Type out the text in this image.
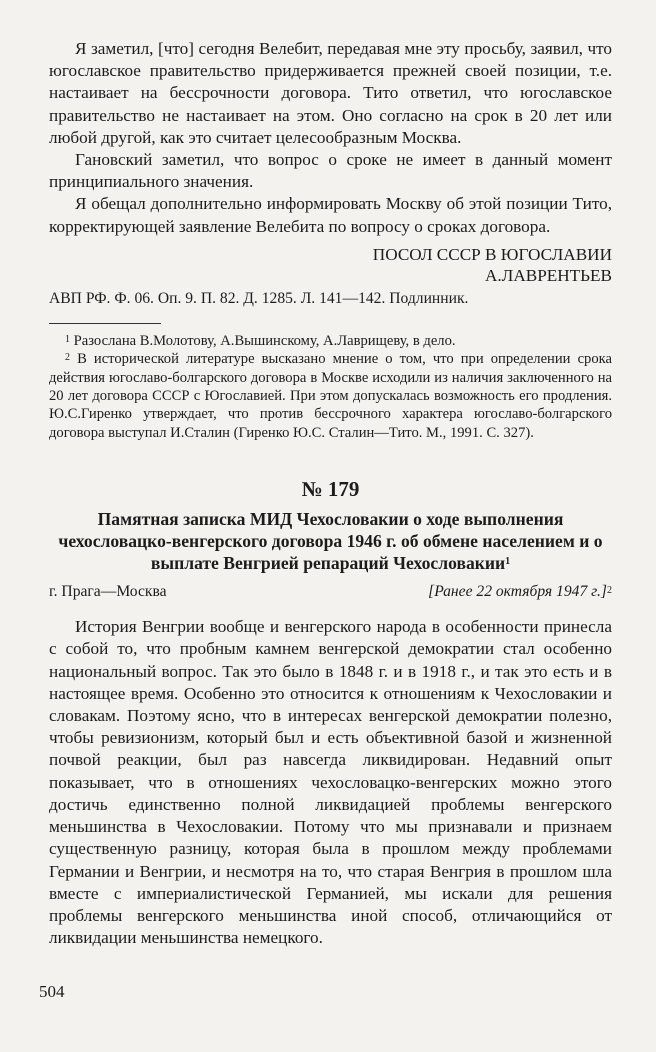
Я заметил, [что] сегодня Велебит, передавая мне эту просьбу, заявил, что югославское правительство придерживается прежней своей позиции, т.е. настаивает на бессрочности договора. Тито ответил, что югославское правительство не настаивает на этом. Оно согласно на срок в 20 лет или любой другой, как это считает целесообразным Москва.

Гановский заметил, что вопрос о сроке не имеет в данный момент принципиального значения.

Я обещал дополнительно информировать Москву об этой позиции Тито, корректирующей заявление Велебита по вопросу о сроках договора.

ПОСОЛ СССР В ЮГОСЛАВИИ

А.ЛАВРЕНТЬЕВ

АВП РФ. Ф. 06. Оп. 9. П. 82. Д. 1285. Л. 141—142. Подлинник.

$^1$ Разослана В.Молотову, А.Вышинскому, А.Лаврищеву, в дело.

$^2$ В исторической литературе высказано мнение о том, что при определении срока действия югославо-болгарского договора в Москве исходили из наличия заключенного на 20 лет договора СССР с Югославией. При этом допускалась возможность его продления. Ю.С.Гиренко утверждает, что против бессрочного характера югославо-болгарского договора выступал И.Сталин (Гиренко Ю.С. Сталин—Тито. М., 1991. С. 327).

№ 179

Памятная записка МИД Чехословакии о ходе выполнения чехословацко-венгерского договора 1946 г. об обмене населением и о выплате Венгрией репараций Чехословакии$^1$

г. Прага—Москва	[Ранее 22 октября 1947 г.]$^2$

История Венгрии вообще и венгерского народа в особенности принесла с собой то, что пробным камнем венгерской демократии стал особенно национальный вопрос. Так это было в 1848 г. и в 1918 г., и так это есть и в настоящее время. Особенно это относится к отношениям к Чехословакии и словакам. Поэтому ясно, что в интересах венгерской демократии полезно, чтобы ревизионизм, который был и есть объективной базой и жизненной почвой реакции, был раз навсегда ликвидирован. Недавний опыт показывает, что в отношениях чехословацко-венгерских можно этого достичь единственно полной ликвидацией проблемы венгерского меньшинства в Чехословакии. Потому что мы признавали и признаем существенную разницу, которая была в прошлом между проблемами Германии и Венгрии, и несмотря на то, что старая Венгрия в прошлом шла вместе с империалистической Германией, мы искали для решения проблемы венгерского меньшинства иной способ, отличающийся от ликвидации меньшинства немецкого.

504
